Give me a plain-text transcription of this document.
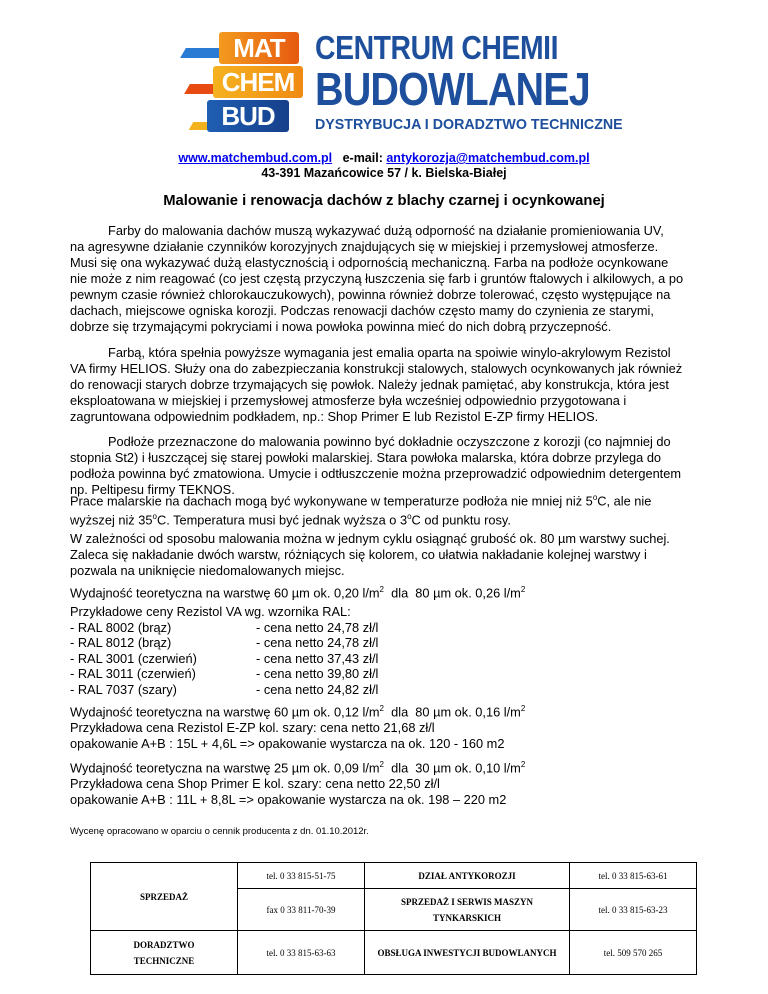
MAT
CHEM
BUD
CENTRUM CHEMII
BUDOWLANEJ
DYSTRYBUCJA I DORADZTWO TECHNICZNE
www.matchembud.com.pl e-mail: antykorozja@matchembud.com.pl
43-391 Mazańcowice 57 / k. Bielska-Białej
Malowanie i renowacja dachów z blachy czarnej i ocynkowanej
Farby do malowania dachów muszą wykazywać dużą odporność na działanie promieniowania UV,
na agresywne działanie czynników korozyjnych znajdujących się w miejskiej i przemysłowej atmosferze.
Musi się ona wykazywać dużą elastycznością i odpornością mechaniczną. Farba na podłoże ocynkowane
nie może z nim reagować (co jest częstą przyczyną łuszczenia się farb i gruntów ftalowych i alkilowych, a po
pewnym czasie również chlorokauczukowych), powinna również dobrze tolerować, często występujące na
dachach, miejscowe ogniska korozji. Podczas renowacji dachów często mamy do czynienia ze starymi,
dobrze się trzymającymi pokryciami i nowa powłoka powinna mieć do nich dobrą przyczepność.
Farbą, która spełnia powyższe wymagania jest emalia oparta na spoiwie winylo-akrylowym Rezistol
VA firmy HELIOS. Służy ona do zabezpieczania konstrukcji stalowych, stalowych ocynkowanych jak również
do renowacji starych dobrze trzymających się powłok. Należy jednak pamiętać, aby konstrukcja, która jest
eksploatowana w miejskiej i przemysłowej atmosferze była wcześniej odpowiednio przygotowana i
zagruntowana odpowiednim podkładem, np.: Shop Primer E lub Rezistol E-ZP firmy HELIOS.
Podłoże przeznaczone do malowania powinno być dokładnie oczyszczone z korozji (co najmniej do
stopnia St2) i łuszczącej się starej powłoki malarskiej. Stara powłoka malarska, która dobrze przylega do
podłoża powinna być zmatowiona. Umycie i odtłuszczenie można przeprowadzić odpowiednim detergentem
np. Peltipesu firmy TEKNOS.
Prace malarskie na dachach mogą być wykonywane w temperaturze podłoża nie mniej niż 5$^o$C, ale nie
wyższej niż 35$^o$C. Temperatura musi być jednak wyższa o 3$^o$C od punktu rosy.
W zależności od sposobu malowania można w jednym cyklu osiągnąć grubość ok. 80 µm warstwy suchej.
Zaleca się nakładanie dwóch warstw, różniących się kolorem, co ułatwia nakładanie kolejnej warstwy i
pozwala na uniknięcie niedomalowanych miejsc.
Wydajność teoretyczna na warstwę 60 µm ok. 0,20 $l/m^2$  dla  80 µm ok. 0,26 $l/m^2$
Przykładowe ceny Rezistol VA wg. wzornika RAL:
- RAL 8002 (brąz)	- cena netto 24,78 zł/l
- RAL 8012 (brąz)	- cena netto 24,78 zł/l
- RAL 3001 (czerwień)	- cena netto 37,43 zł/l
- RAL 3011 (czerwień)	- cena netto 39,80 zł/l
- RAL 7037 (szary)	- cena netto 24,82 zł/l
Wydajność teoretyczna na warstwę 60 µm ok. 0,12 $l/m^2$  dla  80 µm ok. 0,16 $l/m^2$
Przykładowa cena Rezistol E-ZP kol. szary: cena netto 21,68 zł/l
opakowanie A+B : 15L + 4,6L => opakowanie wystarcza na ok. 120 - 160 m2
Wydajność teoretyczna na warstwę 25 µm ok. 0,09 $l/m^2$  dla  30 µm ok. 0,10 $l/m^2$
Przykładowa cena Shop Primer E kol. szary: cena netto 22,50 zł/l
opakowanie A+B : 11L + 8,8L => opakowanie wystarcza na ok. 198 – 220 m2
Wycenę opracowano w oparciu o cennik producenta z dn. 01.10.2012r.
SPRZEDAŻ	tel. 0 33 815-51-75	DZIAŁ ANTYKOROZJI	tel. 0 33 815-63-61
	fax 0 33 811-70-39	SPRZEDAŻ I SERWIS MASZYN
TYNKARSKICH	tel. 0 33 815-63-23

DORADZTWO
TECHNICZNE	tel. 0 33 815-63-63	OBSŁUGA INWESTYCJI BUDOWLANYCH	tel. 509 570 265
